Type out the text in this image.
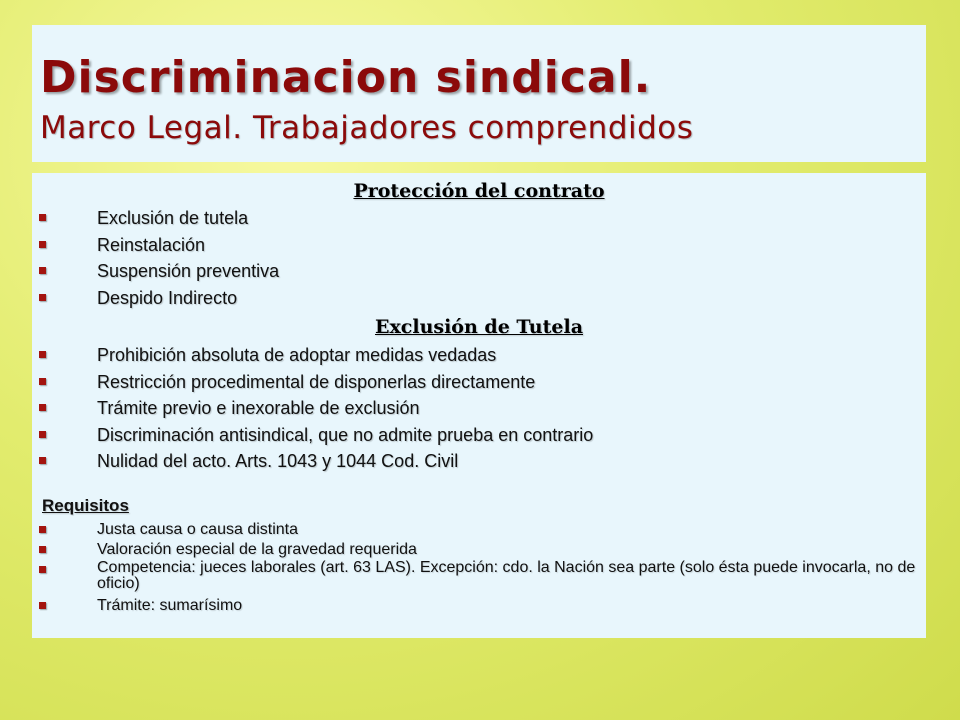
Discriminacion sindical.
Marco Legal. Trabajadores comprendidos
Protección del contrato
Exclusión de tutela
Reinstalación
Suspensión preventiva
Despido Indirecto
Exclusión de Tutela
Prohibición absoluta de adoptar medidas vedadas
Restricción procedimental de disponerlas directamente
Trámite previo e inexorable de exclusión
Discriminación antisindical, que no admite prueba en contrario
Nulidad del acto. Arts. 1043 y 1044 Cod. Civil
Requisitos
Justa causa o causa distinta
Valoración especial de la gravedad requerida
Competencia: jueces laborales (art. 63 LAS). Excepción: cdo. la Nación sea parte (solo ésta puede invocarla, no de oficio)
Trámite: sumarísimo
